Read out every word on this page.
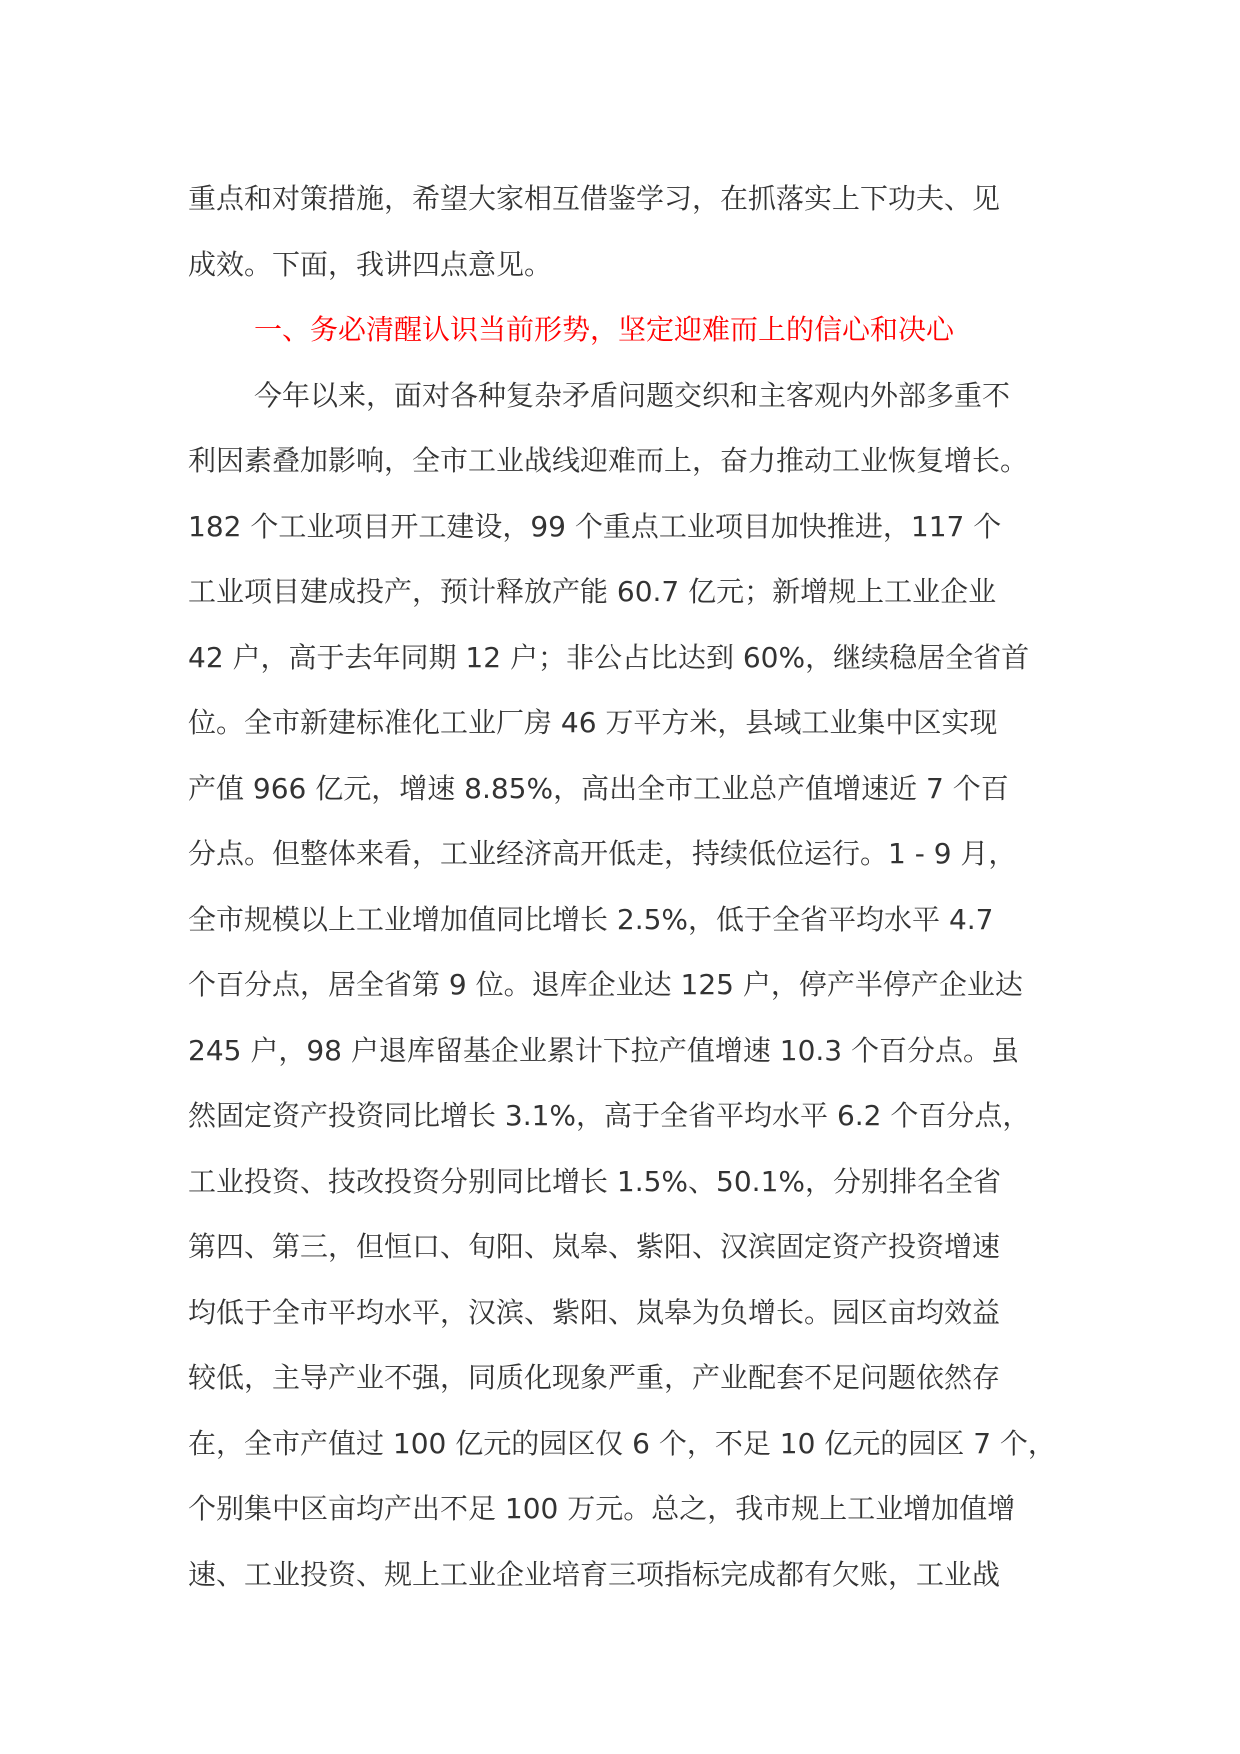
重点和对策措施，希望大家相互借鉴学习，在抓落实上下功夫、见
成效。下面，我讲四点意见。
一、务必清醒认识当前形势，坚定迎难而上的信心和决心
今年以来，面对各种复杂矛盾问题交织和主客观内外部多重不
利因素叠加影响，全市工业战线迎难而上，奋力推动工业恢复增长。
182 个工业项目开工建设，99 个重点工业项目加快推进，117 个
工业项目建成投产，预计释放产能 60.7 亿元；新增规上工业企业
42 户，高于去年同期 12 户；非公占比达到 60%，继续稳居全省首
位。全市新建标准化工业厂房 46 万平方米，县域工业集中区实现
产值 966 亿元，增速 8.85%，高出全市工业总产值增速近 7 个百
分点。但整体来看，工业经济高开低走，持续低位运行。1 - 9 月，
全市规模以上工业增加值同比增长 2.5%，低于全省平均水平 4.7
个百分点，居全省第 9 位。退库企业达 125 户，停产半停产企业达
245 户，98 户退库留基企业累计下拉产值增速 10.3 个百分点。虽
然固定资产投资同比增长 3.1%，高于全省平均水平 6.2 个百分点，
工业投资、技改投资分别同比增长 1.5%、50.1%，分别排名全省
第四、第三，但恒口、旬阳、岚皋、紫阳、汉滨固定资产投资增速
均低于全市平均水平，汉滨、紫阳、岚皋为负增长。园区亩均效益
较低，主导产业不强，同质化现象严重，产业配套不足问题依然存
在，全市产值过 100 亿元的园区仅 6 个，不足 10 亿元的园区 7 个，
个别集中区亩均产出不足 100 万元。总之，我市规上工业增加值增
速、工业投资、规上工业企业培育三项指标完成都有欠账，工业战
